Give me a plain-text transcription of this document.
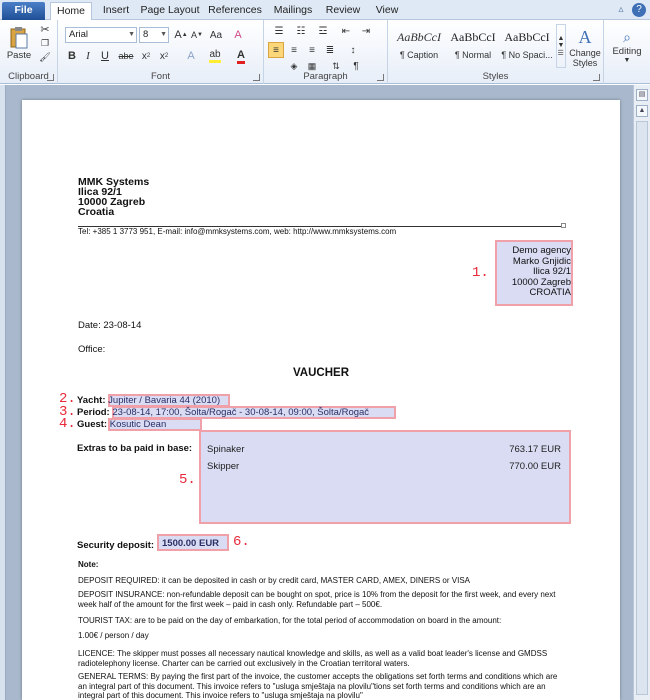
File	Home	Insert	Page Layout References	Mailings	Review	View	▵	?
Paste
✂
❐
🖌
Clipboard
Arial	▼ 8 ▼ A ▲ A ▼ Aa	A
B I	U	abe x 2 x 2	A	ab A
Font
☰	☷	☲	⇤	⇥
≡	≡	≡	≣	↕
◈	▦	⇅	¶
Paragraph
AaBbCcI
¶ Caption
AaBbCcI
¶ Normal
AaBbCcI
¶ No Spaci...
▲
▼
☰
A
Change
Styles
Styles
⌕
Editing
▼
▤
▲
MMK Systems
Ilica 92/1
10000 Zagreb
Croatia
Tel: +385 1 3773 951, E-mail: info@mmksystems.com, web: http://www.mmksystems.com
Demo agency
Marko Gnjidic
Ilica 92/1
10000 Zagreb
CROATIA
1.
Date: 23-08-14
Office:
VAUCHER
2. Yacht: Jupiter / Bavaria 44 (2010)
3. Period: 23-08-14, 17:00, Šolta/Rogač - 30-08-14, 09:00, Šolta/Rogač
4. Guest: Kosutic Dean
Extras to ba paid in base: Spinaker	763.17 EUR
Skipper	770.00 EUR
5.
Security deposit: 1500.00 EUR 6.
Note:
DEPOSIT REQUIRED: it can be deposited in cash or by credit card, MASTER CARD, AMEX, DINERS or VISA
DEPOSIT INSURANCE: non-refundable deposit can be bought on spot, price is 10% from the deposit for the first week, and every next week half of the amount for the first week – paid in cash only. Refundable part – 500€.
TOURIST TAX: are to be paid on the day of embarkation, for the total period of accommodation on board in the amount:
1.00€ / person / day
LICENCE: The skipper must posses all necessary nautical knowledge and skills, as well as a valid boat leader's license and GMDSS radiotelephony license. Charter can be carried out exclusively in the Croatian territoral waters.
GENERAL TERMS: By paying the first part of the invoice, the customer accepts the obligations set forth terms and conditions which are an integral part of this document. This invoice refers to "usluga smještaja na plovilu"tions set forth terms and conditions which are an integral part of this document. This invoice refers to "usluga smještaja na plovilu"
